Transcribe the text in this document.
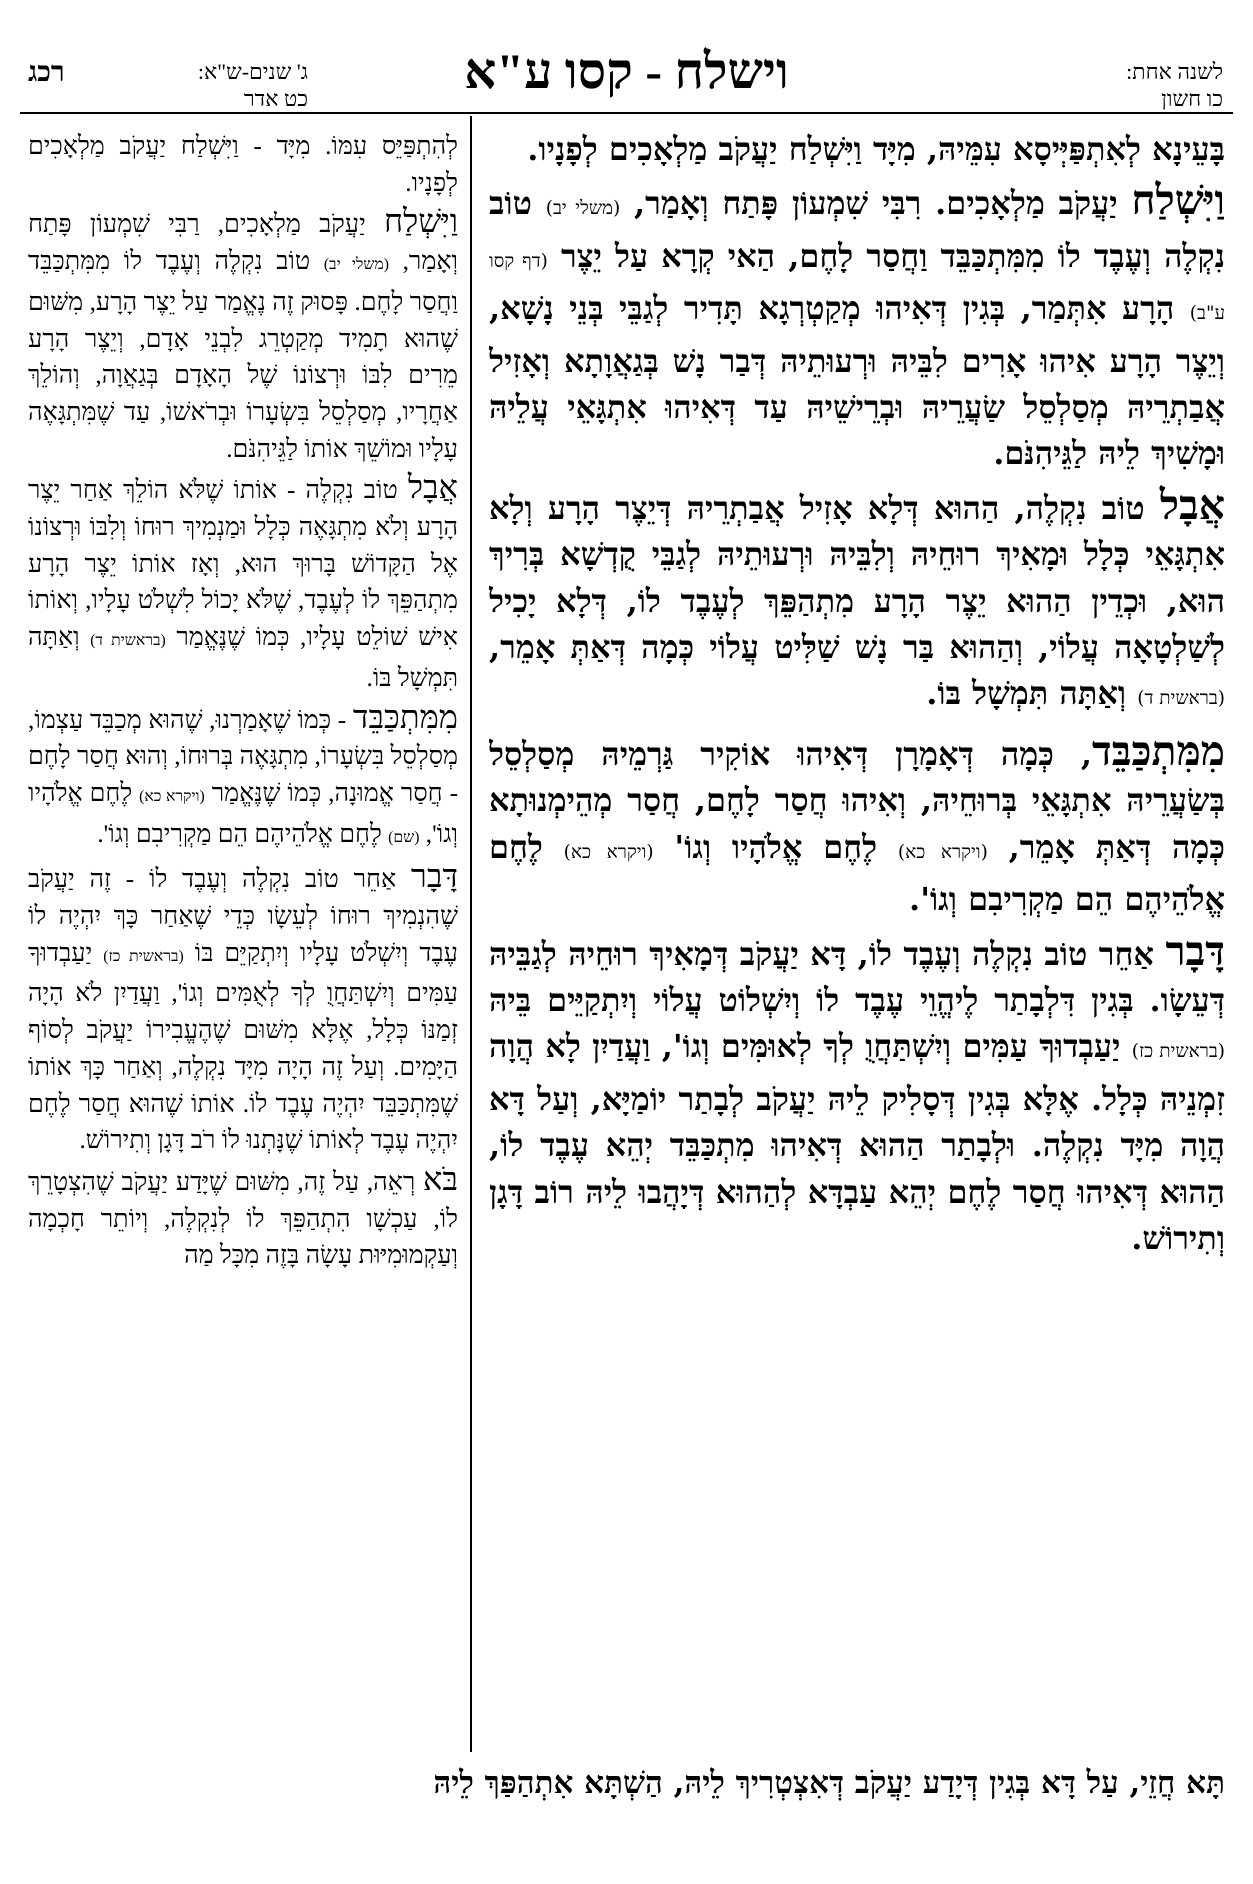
לשנה אחת:
כו חשון
וישלח - קסו ע"א
רכג	ג' שנים-ש"א:
כט אדר

בָּעֵינָא לְאִתְפַּיְּיסָא עִמֵּיהּ, מִיָּד וַיִּשְׁלַח יַעֲקֹב מַלְאָכִים לְפָנָיו.

וַיִּשְׁלַח יַעֲקֹב מַלְאָכִים. רִבִּי שִׁמְעוֹן פָּתַח וְאָמַר, (משלי יב) טוֹב נִקְלֶה וְעֶבֶד לוֹ מִמִּתְכַּבֵּד וַחֲסַר לָחֶם, הַאי קְרָא עַל יֵצֶר (דף קסו ע"ב) הָרָע אִתְּמַר, בְּגִין דְּאִיהוּ מְקַטְרְגָא תָּדִיר לְגַבֵּי בְּנֵי נָשָׁא, וְיֵצֶר הָרָע אִיהוּ אָרִים לִבֵּיהּ וּרְעוּתֵיהּ דְּבַר נָשׁ בְּגַאֲוָתָא וְאָזִיל אֲבַתְרֵיהּ מְסַלְסֵל שַׂעֲרֵיהּ וּבְרֵישֵׁיהּ עַד דְּאִיהוּ אִתְגָּאֵי עֲלֵיהּ וּמָשִׁיךְ לֵיהּ לַגֵּיהִנֹּם.

אֲבָל טוֹב נִקְלֶה, הַהוּא דְּלָא אָזִיל אֲבַתְרֵיהּ דְּיֵצֶר הָרָע וְלָא אִתְגָּאֵי כְּלָל וּמָאִיךְ רוּחֵיהּ וְלִבֵּיהּ וּרְעוּתֵיהּ לְגַבֵּי קֻדְשָׁא בְּרִיךְ הוּא, וּכְדֵין הַהוּא יֵצֶר הָרָע מִתְהַפֵּךְ לְעֶבֶד לוֹ, דְּלָא יָכִיל לְשַׁלְטָאָה עֲלוֹי, וְהַהוּא בַּר נָשׁ שַׁלִּיט עֲלוֹי כְּמָה דְּאַתְּ אָמֵר, (בראשית ד) וְאַתָּה תִּמְשָׁל בּוֹ.

מִמִּתְכַּבֵּד, כְּמָה דְּאָמָרָן דְּאִיהוּ אוֹקִיר גַּרְמֵיהּ מְסַלְסֵל בְּשַׂעֲרֵיהּ אִתְגָּאֵי בְּרוּחֵיהּ, וְאִיהוּ חֲסַר לָחֶם, חֲסַר מְהֵימְנוּתָא כְּמָה דְּאַתְּ אָמֵר, (ויקרא כא) לֶחֶם אֱלֹהָיו וְגוֹ' (ויקרא כא) לֶחֶם אֱלֹהֵיהֶם הֵם מַקְרִיבִם וְגוֹ'.

דָּבָר אַחֵר טוֹב נִקְלֶה וְעֶבֶד לוֹ, דָּא יַעֲקֹב דְּמָאִיךְ רוּחֵיהּ לְגַבֵּיהּ דְּעֵשָׂו. בְּגִין דִּלְבָתַר לֶיהֱוֵי עֶבֶד לוֹ וְיִשְׁלוֹט עֲלוֹי וְיִתְקַיֵּים בֵּיהּ (בראשית כז) יַעַבְדוּךָ עַמִּים וְיִשְׁתַּחֲוֻ לְךָ לְאוּמִּים וְגוֹ', וַעֲדַיִן לָא הֲוָה זִמְנֵיהּ כְּלָל. אֶלָּא בְּגִין דְּסָלִיק לֵיהּ יַעֲקֹב לְבָתַר יוֹמַיָּא, וְעַל דָּא הֲוָה מִיָּד נִקְלֶה. וּלְבָתַר הַהוּא דְּאִיהוּ מִתְכַּבֵּד יְהֵא עֶבֶד לוֹ, הַהוּא דְּאִיהוּ חֲסַר לֶחֶם יְהֵא עַבְדָּא לְהַהוּא דְּיָהֲבוּ לֵיהּ רוֹב דָּגָן וְתִירוֹשׁ.

לְהִתְפַּיֵּס עִמּוֹ. מִיָּד - וַיִּשְׁלַח יַעֲקֹב מַלְאָכִים לְפָנָיו.

וַיִּשְׁלַח יַעֲקֹב מַלְאָכִים, רַבִּי שִׁמְעוֹן פָּתַח וְאָמַר, (משלי יב) טוֹב נִקְלֶה וְעֶבֶד לוֹ מִמִּתְכַּבֵּד וַחֲסַר לָחֶם. פָּסוּק זֶה נֶאֱמַר עַל יֵצֶר הָרָע, מִשּׁוּם שֶׁהוּא תָמִיד מְקַטְרֵג לִבְנֵי אָדָם, וְיֵצֶר הָרָע מֵרִים לִבּוֹ וּרְצוֹנוֹ שֶׁל הָאָדָם בְּגַאֲוָה, וְהוֹלֵךְ אַחֲרָיו, מְסַלְסֵל בִּשְׂעָרוֹ וּבְרֹאשׁוֹ, עַד שֶׁמִּתְגָּאֶה עָלָיו וּמוֹשֵׁךְ אוֹתוֹ לַגֵּיהִנֹּם.

אֲבָל טוֹב נִקְלֶה - אוֹתוֹ שֶׁלֹּא הוֹלֵךְ אַחַר יֵצֶר הָרָע וְלֹא מִתְגָּאֶה כְּלָל וּמַנְמִיךְ רוּחוֹ וְלִבּוֹ וּרְצוֹנוֹ אֶל הַקָּדוֹשׁ בָּרוּךְ הוּא, וְאָז אוֹתוֹ יֵצֶר הָרָע מִתְהַפֵּךְ לוֹ לְעֶבֶד, שֶׁלֹּא יָכוֹל לִשְׁלֹט עָלָיו, וְאוֹתוֹ אִישׁ שׁוֹלֵט עָלָיו, כְּמוֹ שֶׁנֶּאֱמַר (בראשית ד) וְאַתָּה תִּמְשָׁל בּוֹ.

מִמִּתְכַּבֵּד - כְּמוֹ שֶׁאָמַרְנוּ, שֶׁהוּא מְכַבֵּד עַצְמוֹ, מְסַלְסֵל בִּשְׂעָרוֹ, מִתְגָּאֶה בְּרוּחוֹ, וְהוּא חֲסַר לָחֶם - חֲסַר אֱמוּנָה, כְּמוֹ שֶׁנֶּאֱמַר (ויקרא כא) לֶחֶם אֱלֹהָיו וְגוֹ', (שם) לֶחֶם אֱלֹהֵיהֶם הֵם מַקְרִיבִם וְגוֹ'.

דָּבָר אַחֵר טוֹב נִקְלֶה וְעֶבֶד לוֹ - זֶה יַעֲקֹב שֶׁהִנְמִיךְ רוּחוֹ לְעֵשָׂו כְּדֵי שֶׁאַחַר כָּךְ יִהְיֶה לוֹ עֶבֶד וְיִשְׁלֹט עָלָיו וְיִתְקַיֵּם בּוֹ (בראשית כז) יַעַבְדוּךָ עַמִּים וְיִשְׁתַּחֲוֻ לְךָ לְאֻמִּים וְגוֹ', וַעֲדַיִן לֹא הָיָה זְמַנּוֹ כְּלָל, אֶלָּא מִשּׁוּם שֶׁהֶעֱבִירוֹ יַעֲקֹב לְסוֹף הַיָּמִים. וְעַל זֶה הָיָה מִיָּד נִקְלֶה, וְאַחַר כָּךְ אוֹתוֹ שֶׁמִּתְכַּבֵּד יִהְיֶה עֶבֶד לוֹ. אוֹתוֹ שֶׁהוּא חֲסַר לֶחֶם יִהְיֶה עֶבֶד לְאוֹתוֹ שֶׁנָּתְנוּ לוֹ רֹב דָּגָן וְתִירוֹשׁ.

בֹּא רְאֵה, עַל זֶה, מִשּׁוּם שֶׁיָּדַע יַעֲקֹב שֶׁהִצְטָרֵךְ לוֹ, עַכְשָׁו הִתְהַפֵּךְ לוֹ לְנִקְלֶה, וְיוֹתֵר חָכְמָה וְעַקְמוּמִיּוּת עָשָׂה בָּזֶה מִכָּל מַה

תָּא חֲזֵי, עַל דָּא בְּגִין דְּיָדַע יַעֲקֹב דְּאִצְטְרִיךְ לֵיהּ, הַשְׁתָּא אִתְהַפַּךְ לֵיהּ
